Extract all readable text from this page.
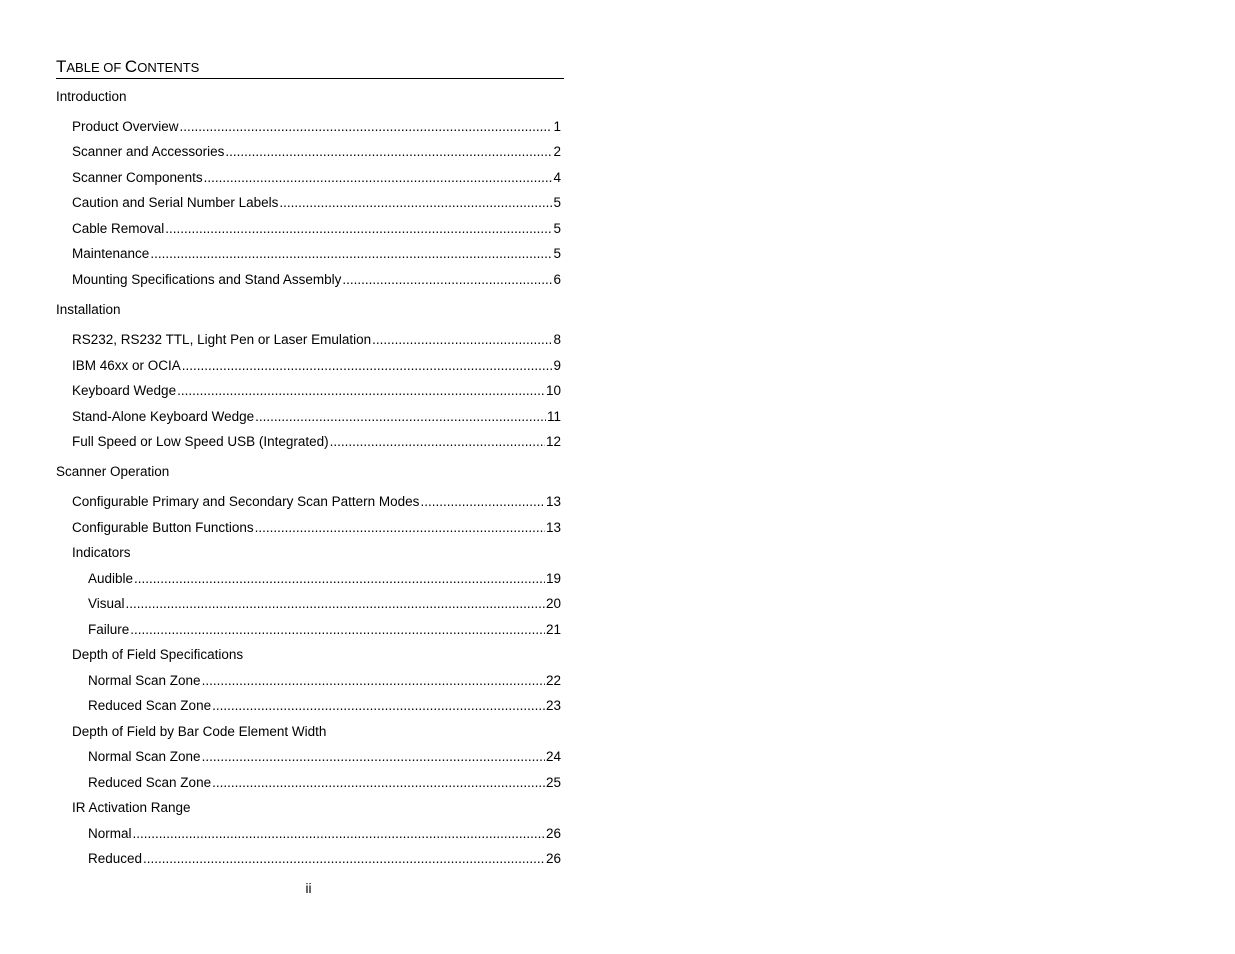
TABLE OF CONTENTS
Introduction
Product Overview .....	1
Scanner and Accessories .....	2
Scanner Components .....	4
Caution and Serial Number Labels .....	5
Cable Removal .....	5
Maintenance .....	5
Mounting Specifications and Stand Assembly .....	6
Installation
RS232, RS232 TTL, Light Pen or Laser Emulation .....	8
IBM 46xx or OCIA .....	9
Keyboard Wedge .....	10
Stand-Alone Keyboard Wedge .....	11
Full Speed or Low Speed USB (Integrated) .....	12
Scanner Operation
Configurable Primary and Secondary Scan Pattern Modes .....	13
Configurable Button Functions .....	13
Indicators
Audible .....	19
Visual .....	20
Failure .....	21
Depth of Field Specifications
Normal Scan Zone .....	22
Reduced Scan Zone .....	23
Depth of Field by Bar Code Element Width
Normal Scan Zone .....	24
Reduced Scan Zone .....	25
IR Activation Range
Normal .....	26
Reduced .....	26
ii
